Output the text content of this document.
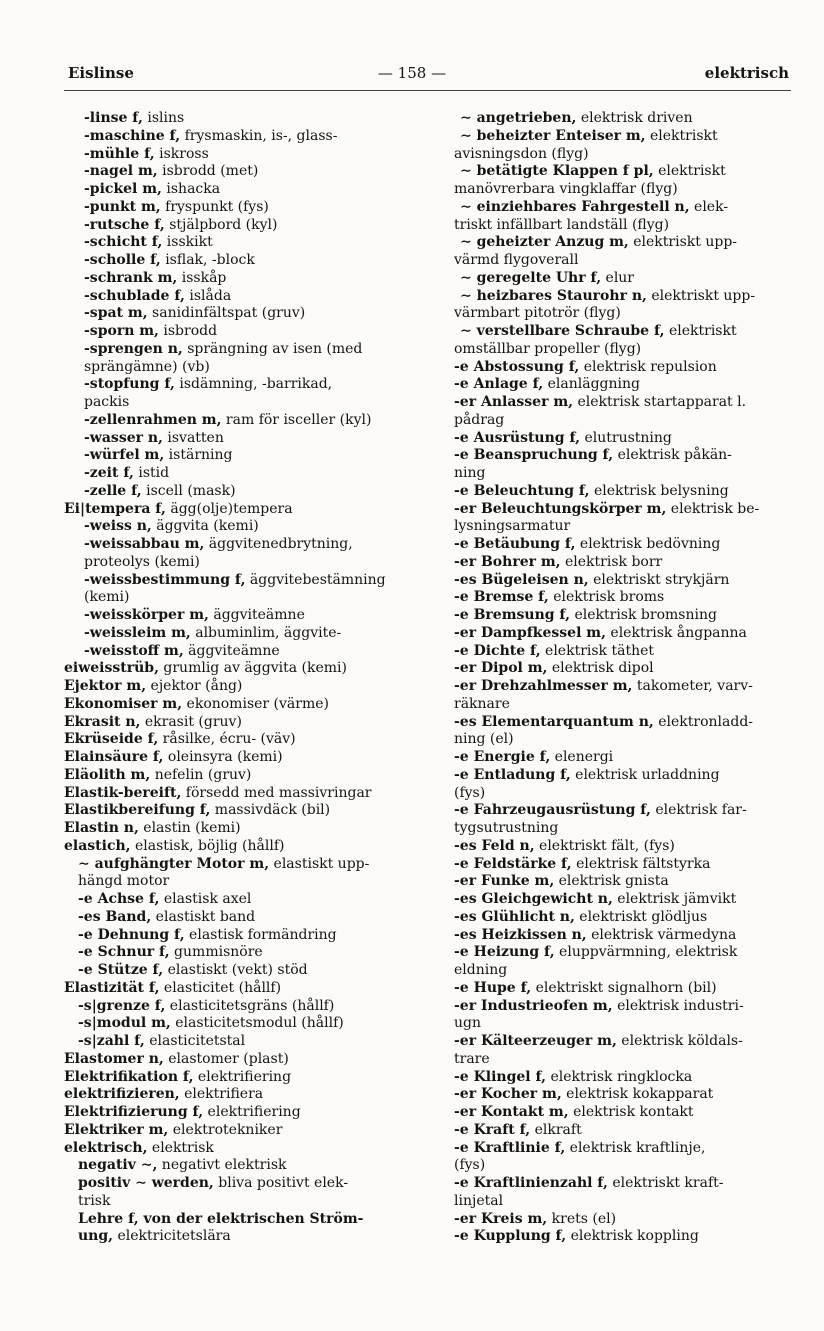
Eislinse	— 158 —	elektrisch
-linse f, islins
-maschine f, frysmaskin, is-, glass-
-mühle f, iskross
-nagel m, isbrodd (met)
-pickel m, ishacka
-punkt m, fryspunkt (fys)
-rutsche f, stjälpbord (kyl)
-schicht f, isskikt
-scholle f, isflak, -block
-schrank m, isskåp
-schublade f, islåda
-spat m, sanidinfältspat (gruv)
-sporn m, isbrodd
-sprengen n, sprängning av isen (med
sprängämne) (vb)
-stopfung f, isdämning, -barrikad,
packis
-zellenrahmen m, ram för isceller (kyl)
-wasser n, isvatten
-würfel m, istärning
-zeit f, istid
-zelle f, iscell (mask)
Ei|tempera f, ägg(olje)tempera
-weiss n, äggvita (kemi)
-weissabbau m, äggvitenedbrytning,
proteolys (kemi)
-weissbestimmung f, äggvitebestämning
(kemi)
-weisskörper m, äggviteämne
-weissleim m, albuminlim, äggvite-
-weisstoff m, äggviteämne
eiweisstrüb, grumlig av äggvita (kemi)
Ejektor m, ejektor (ång)
Ekonomiser m, ekonomiser (värme)
Ekrasit n, ekrasit (gruv)
Ekrüseide f, råsilke, écru- (väv)
Elainsäure f, oleinsyra (kemi)
Eläolith m, nefelin (gruv)
Elastik-bereift, försedd med massivringar
Elastikbereifung f, massivdäck (bil)
Elastin n, elastin (kemi)
elastich, elastisk, böjlig (hållf)
∼ aufghängter Motor m, elastiskt upp-
hängd motor
-e Achse f, elastisk axel
-es Band, elastiskt band
-e Dehnung f, elastisk formändring
-e Schnur f, gummisnöre
-e Stütze f, elastiskt (vekt) stöd
Elastizität f, elasticitet (hållf)
-s|grenze f, elasticitetsgräns (hållf)
-s|modul m, elasticitetsmodul (hållf)
-s|zahl f, elasticitetstal
Elastomer n, elastomer (plast)
Elektrifikation f, elektrifiering
elektrifizieren, elektrifiera
Elektrifizierung f, elektrifiering
Elektriker m, elektrotekniker
elektrisch, elektrisk
negativ ∼, negativt elektrisk
positiv ∼ werden, bliva positivt elek-
trisk
Lehre f, von der elektrischen Ström-
ung, elektricitetslära
∼ angetrieben, elektrisk driven
∼ beheizter Enteiser m, elektriskt
avisningsdon (flyg)
∼ betätigte Klappen f pl, elektriskt
manövrerbara vingklaffar (flyg)
∼ einziehbares Fahrgestell n, elek-
triskt infällbart landställ (flyg)
∼ geheizter Anzug m, elektriskt upp-
värmd flygoverall
∼ geregelte Uhr f, elur
∼ heizbares Staurohr n, elektriskt upp-
värmbart pitotrör (flyg)
∼ verstellbare Schraube f, elektriskt
omställbar propeller (flyg)
-e Abstossung f, elektrisk repulsion
-e Anlage f, elanläggning
-er Anlasser m, elektrisk startapparat l.
pådrag
-e Ausrüstung f, elutrustning
-e Beanspruchung f, elektrisk påkän-
ning
-e Beleuchtung f, elektrisk belysning
-er Beleuchtungskörper m, elektrisk be-
lysningsarmatur
-e Betäubung f, elektrisk bedövning
-er Bohrer m, elektrisk borr
-es Bügeleisen n, elektriskt strykjärn
-e Bremse f, elektrisk broms
-e Bremsung f, elektrisk bromsning
-er Dampfkessel m, elektrisk ångpanna
-e Dichte f, elektrisk täthet
-er Dipol m, elektrisk dipol
-er Drehzahlmesser m, takometer, varv-
räknare
-es Elementarquantum n, elektronladd-
ning (el)
-e Energie f, elenergi
-e Entladung f, elektrisk urladdning
(fys)
-e Fahrzeugausrüstung f, elektrisk far-
tygsutrustning
-es Feld n, elektriskt fält, (fys)
-e Feldstärke f, elektrisk fältstyrka
-er Funke m, elektrisk gnista
-es Gleichgewicht n, elektrisk jämvikt
-es Glühlicht n, elektriskt glödljus
-es Heizkissen n, elektrisk värmedyna
-e Heizung f, eluppvärmning, elektrisk
eldning
-e Hupe f, elektriskt signalhorn (bil)
-er Industrieofen m, elektrisk industri-
ugn
-er Kälteerzeuger m, elektrisk köldals-
trare
-e Klingel f, elektrisk ringklocka
-er Kocher m, elektrisk kokapparat
-er Kontakt m, elektrisk kontakt
-e Kraft f, elkraft
-e Kraftlinie f, elektrisk kraftlinje,
(fys)
-e Kraftlinienzahl f, elektriskt kraft-
linjetal
-er Kreis m, krets (el)
-e Kupplung f, elektrisk koppling
